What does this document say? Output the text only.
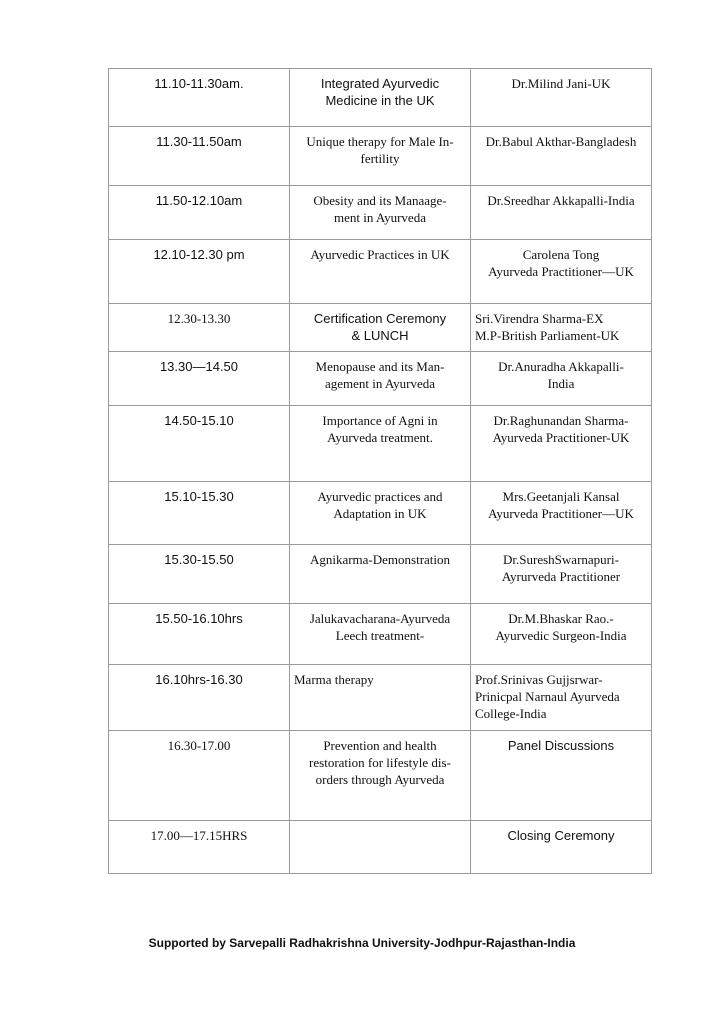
11.10-11.30am.	Integrated Ayurvedic
Medicine in the UK	Dr.Milind Jani-UK

11.30-11.50am	Unique therapy for Male In-
fertility	Dr.Babul Akthar-Bangladesh

11.50-12.10am	Obesity and its Manaage-
ment in Ayurveda	Dr.Sreedhar Akkapalli-India

12.10-12.30 pm	Ayurvedic Practices in UK	Carolena Tong
Ayurveda Practitioner—UK

12.30-13.30	Certification Ceremony
& LUNCH	Sri.Virendra Sharma-EX
M.P-British Parliament-UK

13.30—14.50	Menopause and its Man-
agement in Ayurveda	Dr.Anuradha Akkapalli-
India

14.50-15.10	Importance of Agni in
Ayurveda treatment.	Dr.Raghunandan Sharma-
Ayurveda Practitioner-UK

15.10-15.30	Ayurvedic practices and
Adaptation in UK	Mrs.Geetanjali Kansal
Ayurveda Practitioner—UK

15.30-15.50	Agnikarma-Demonstration	Dr.SureshSwarnapuri-
Ayrurveda Practitioner

15.50-16.10hrs	Jalukavacharana-Ayurveda
Leech treatment-	Dr.M.Bhaskar Rao.-
Ayurvedic Surgeon-India

16.10hrs-16.30	Marma therapy	Prof.Srinivas Gujjsrwar-
Prinicpal Narnaul Ayurveda
College-India

16.30-17.00	Prevention and health
restoration for lifestyle dis-
orders through Ayurveda	Panel Discussions

17.00—17.15HRS		Closing Ceremony
Supported by Sarvepalli Radhakrishna University-Jodhpur-Rajasthan-India
